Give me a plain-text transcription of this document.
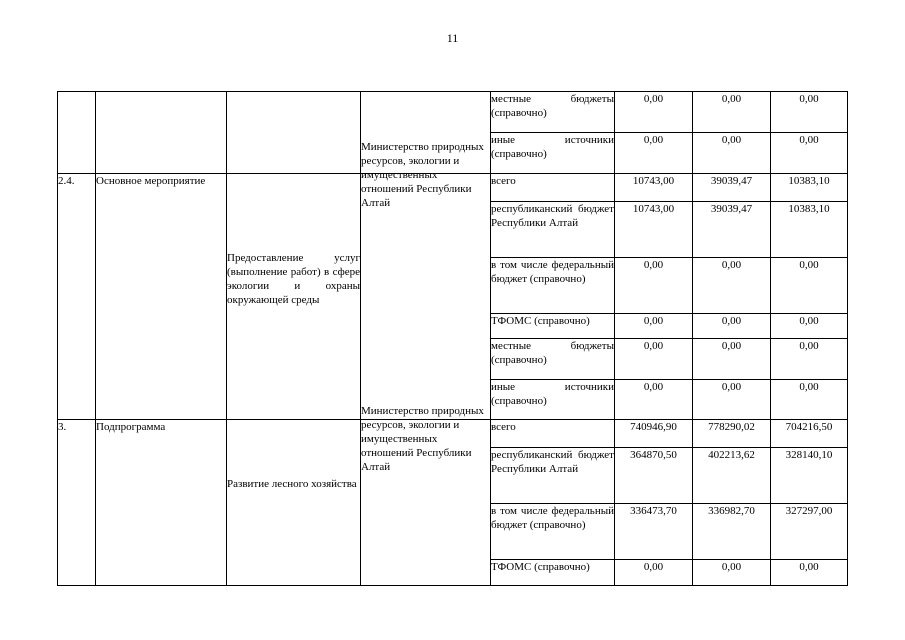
11
				местные бюджеты (справочно)	0,00	0,00	0,00
				иные источники (справочно)	0,00	0,00	0,00
2.4.	Основное мероприятие	Предоставление услуг (выполнение работ) в сфере экологии и охраны окружающей среды	Министерство природных ресурсов, экологии и имущественных отношений Республики Алтай	всего	10743,00	39039,47	10383,10
				республиканский бюджет Республики Алтай	10743,00	39039,47	10383,10
				в том числе федеральный бюджет (справочно)	0,00	0,00	0,00
				ТФОМС (справочно)	0,00	0,00	0,00
				местные бюджеты (справочно)	0,00	0,00	0,00
				иные источники (справочно)	0,00	0,00	0,00
3.	Подпрограмма	Развитие лесного хозяйства	Министерство природных ресурсов, экологии и имущественных отношений Республики Алтай	всего	740946,90	778290,02	704216,50
				республиканский бюджет Республики Алтай	364870,50	402213,62	328140,10
				в том числе федеральный бюджет (справочно)	336473,70	336982,70	327297,00
				ТФОМС (справочно)	0,00	0,00	0,00
